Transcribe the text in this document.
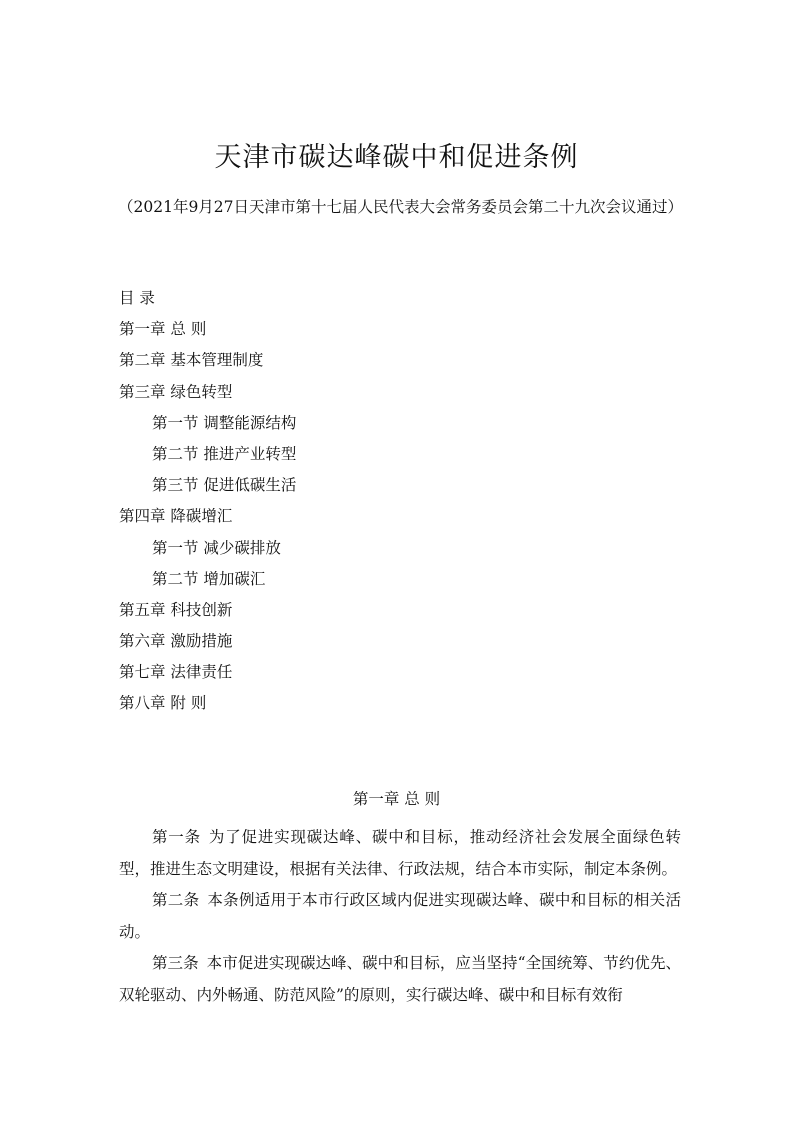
天津市碳达峰碳中和促进条例
（2021年9月27日天津市第十七届人民代表大会常务委员会第二十九次会议通过）
目 录
第一章 总 则
第二章 基本管理制度
第三章 绿色转型
第一节 调整能源结构
第二节 推进产业转型
第三节 促进低碳生活
第四章 降碳增汇
第一节 减少碳排放
第二节 增加碳汇
第五章 科技创新
第六章 激励措施
第七章 法律责任
第八章 附 则
第一章 总 则

第一条 为了促进实现碳达峰、碳中和目标，推动经济社会发展全面绿色转型，推进生态文明建设，根据有关法律、行政法规，结合本市实际，制定本条例。

第二条 本条例适用于本市行政区域内促进实现碳达峰、碳中和目标的相关活动。

第三条 本市促进实现碳达峰、碳中和目标，应当坚持“全国统筹、节约优先、双轮驱动、内外畅通、防范风险”的原则，实行碳达峰、碳中和目标有效衔
